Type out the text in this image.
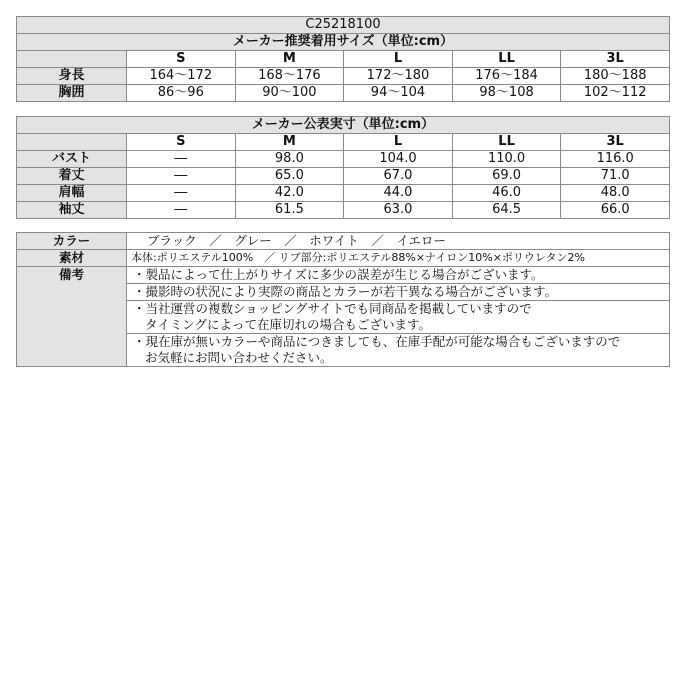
C25218100					
メーカー推奨着用サイズ（単位:cm）					
	S	M	L	LL	3L
身長	164〜172	168〜176	172〜180	176〜184	180〜188
胸囲	86〜96	90〜100	94〜104	98〜108	102〜112
メーカー公表実寸（単位:cm）					
	S	M	L	LL	3L
バスト	―	98.0	104.0	110.0	116.0
着丈	―	65.0	67.0	69.0	71.0
肩幅	―	42.0	44.0	46.0	48.0
袖丈	―	61.5	63.0	64.5	66.0
カラー	ブラック　／　グレー　／　ホワイト　／　イエロー
素材	本体:ポリエステル100%　／ リブ部分:ポリエステル88%×ナイロン10%×ポリウレタン2%
備考	・製品によって仕上がりサイズに多少の誤差が生じる場合がございます。
	・撮影時の状況により実際の商品とカラーが若干異なる場合がございます。
	・当社運営の複数ショッピングサイトでも同商品を掲載していますので
タイミングによって在庫切れの場合もございます。

	・現在庫が無いカラーや商品につきましても、在庫手配が可能な場合もございますので
お気軽にお問い合わせください。
